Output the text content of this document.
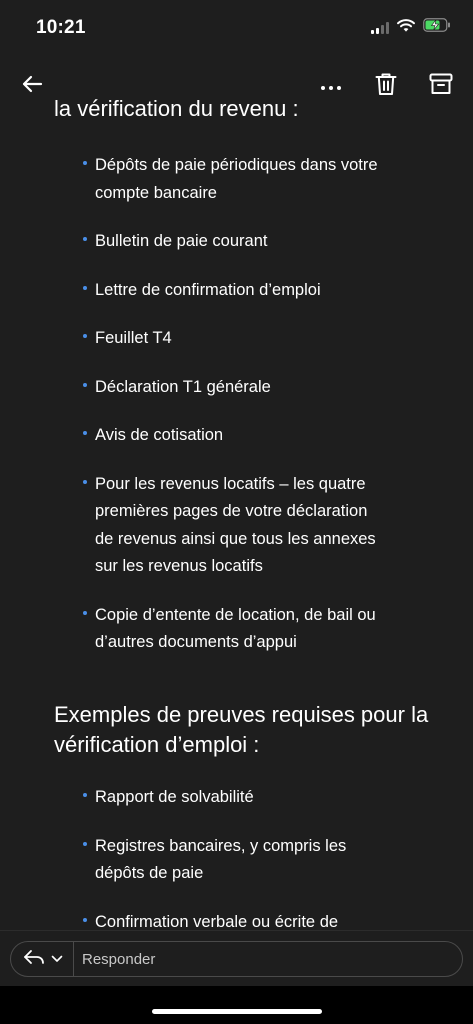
10:21
la vérification du revenu :
Dépôts de paie périodiques dans votre compte bancaire
Bulletin de paie courant
Lettre de confirmation d’emploi
Feuillet T4
Déclaration T1 générale
Avis de cotisation
Pour les revenus locatifs – les quatre premières pages de votre déclaration de revenus ainsi que tous les annexes sur les revenus locatifs
Copie d’entente de location, de bail ou d’autres documents d’appui
Exemples de preuves requises pour la vérification d’emploi :
Rapport de solvabilité
Registres bancaires, y compris les dépôts de paie
Confirmation verbale ou écrite de
Responder
